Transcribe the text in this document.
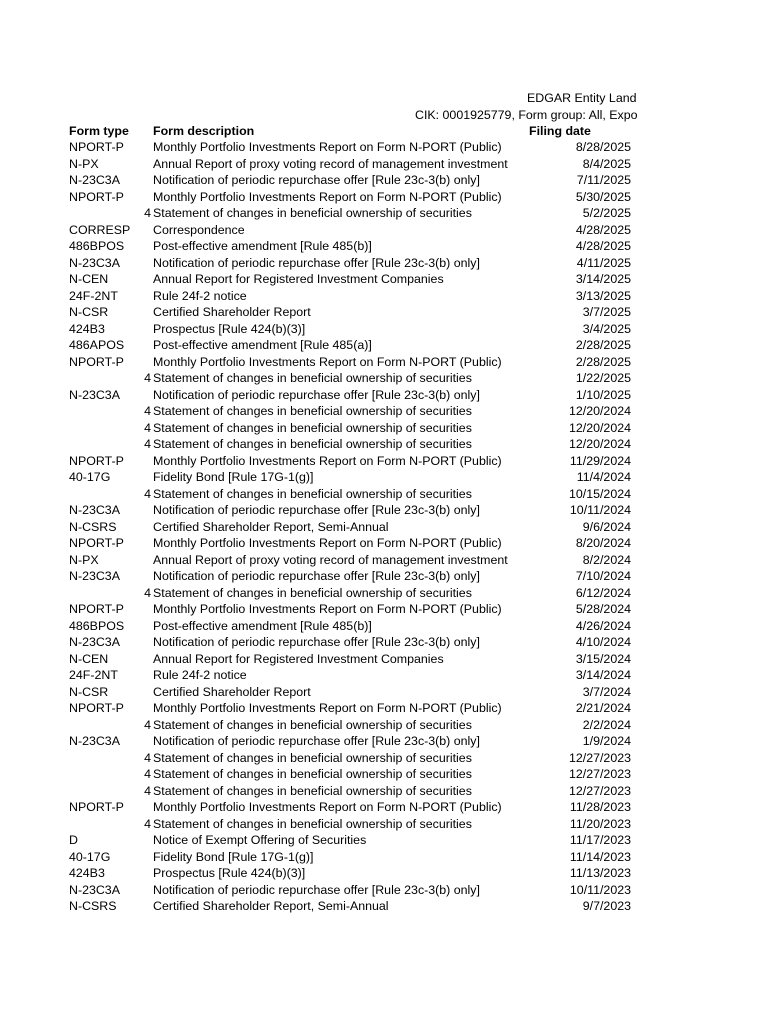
EDGAR Entity Land
CIK: 0001925779, Form group: All, Expo
Form type Form description	Filing date
NPORT-P	Monthly Portfolio Investments Report on Form N-PORT (Public)	8/28/2025
N-PX	Annual Report of proxy voting record of management investment	8/4/2025
N-23C3A	Notification of periodic repurchase offer [Rule 23c-3(b) only]	7/11/2025
NPORT-P	Monthly Portfolio Investments Report on Form N-PORT (Public)	5/30/2025
4 Statement of changes in beneficial ownership of securities	5/2/2025
CORRESP	Correspondence	4/28/2025
486BPOS	Post-effective amendment [Rule 485(b)]	4/28/2025
N-23C3A	Notification of periodic repurchase offer [Rule 23c-3(b) only]	4/11/2025
N-CEN	Annual Report for Registered Investment Companies	3/14/2025
24F-2NT	Rule 24f-2 notice	3/13/2025
N-CSR	Certified Shareholder Report	3/7/2025
424B3	Prospectus [Rule 424(b)(3)]	3/4/2025
486APOS	Post-effective amendment [Rule 485(a)]	2/28/2025
NPORT-P	Monthly Portfolio Investments Report on Form N-PORT (Public)	2/28/2025
4 Statement of changes in beneficial ownership of securities	1/22/2025
N-23C3A	Notification of periodic repurchase offer [Rule 23c-3(b) only]	1/10/2025
4 Statement of changes in beneficial ownership of securities	12/20/2024
4 Statement of changes in beneficial ownership of securities	12/20/2024
4 Statement of changes in beneficial ownership of securities	12/20/2024
NPORT-P	Monthly Portfolio Investments Report on Form N-PORT (Public)	11/29/2024
40-17G	Fidelity Bond [Rule 17G-1(g)]	11/4/2024
4 Statement of changes in beneficial ownership of securities	10/15/2024
N-23C3A	Notification of periodic repurchase offer [Rule 23c-3(b) only]	10/11/2024
N-CSRS	Certified Shareholder Report, Semi-Annual	9/6/2024
NPORT-P	Monthly Portfolio Investments Report on Form N-PORT (Public)	8/20/2024
N-PX	Annual Report of proxy voting record of management investment	8/2/2024
N-23C3A	Notification of periodic repurchase offer [Rule 23c-3(b) only]	7/10/2024
4 Statement of changes in beneficial ownership of securities	6/12/2024
NPORT-P	Monthly Portfolio Investments Report on Form N-PORT (Public)	5/28/2024
486BPOS	Post-effective amendment [Rule 485(b)]	4/26/2024
N-23C3A	Notification of periodic repurchase offer [Rule 23c-3(b) only]	4/10/2024
N-CEN	Annual Report for Registered Investment Companies	3/15/2024
24F-2NT	Rule 24f-2 notice	3/14/2024
N-CSR	Certified Shareholder Report	3/7/2024
NPORT-P	Monthly Portfolio Investments Report on Form N-PORT (Public)	2/21/2024
4 Statement of changes in beneficial ownership of securities	2/2/2024
N-23C3A	Notification of periodic repurchase offer [Rule 23c-3(b) only]	1/9/2024
4 Statement of changes in beneficial ownership of securities	12/27/2023
4 Statement of changes in beneficial ownership of securities	12/27/2023
4 Statement of changes in beneficial ownership of securities	12/27/2023
NPORT-P	Monthly Portfolio Investments Report on Form N-PORT (Public)	11/28/2023
4 Statement of changes in beneficial ownership of securities	11/20/2023
D	Notice of Exempt Offering of Securities	11/17/2023
40-17G	Fidelity Bond [Rule 17G-1(g)]	11/14/2023
424B3	Prospectus [Rule 424(b)(3)]	11/13/2023
N-23C3A	Notification of periodic repurchase offer [Rule 23c-3(b) only]	10/11/2023
N-CSRS	Certified Shareholder Report, Semi-Annual	9/7/2023
